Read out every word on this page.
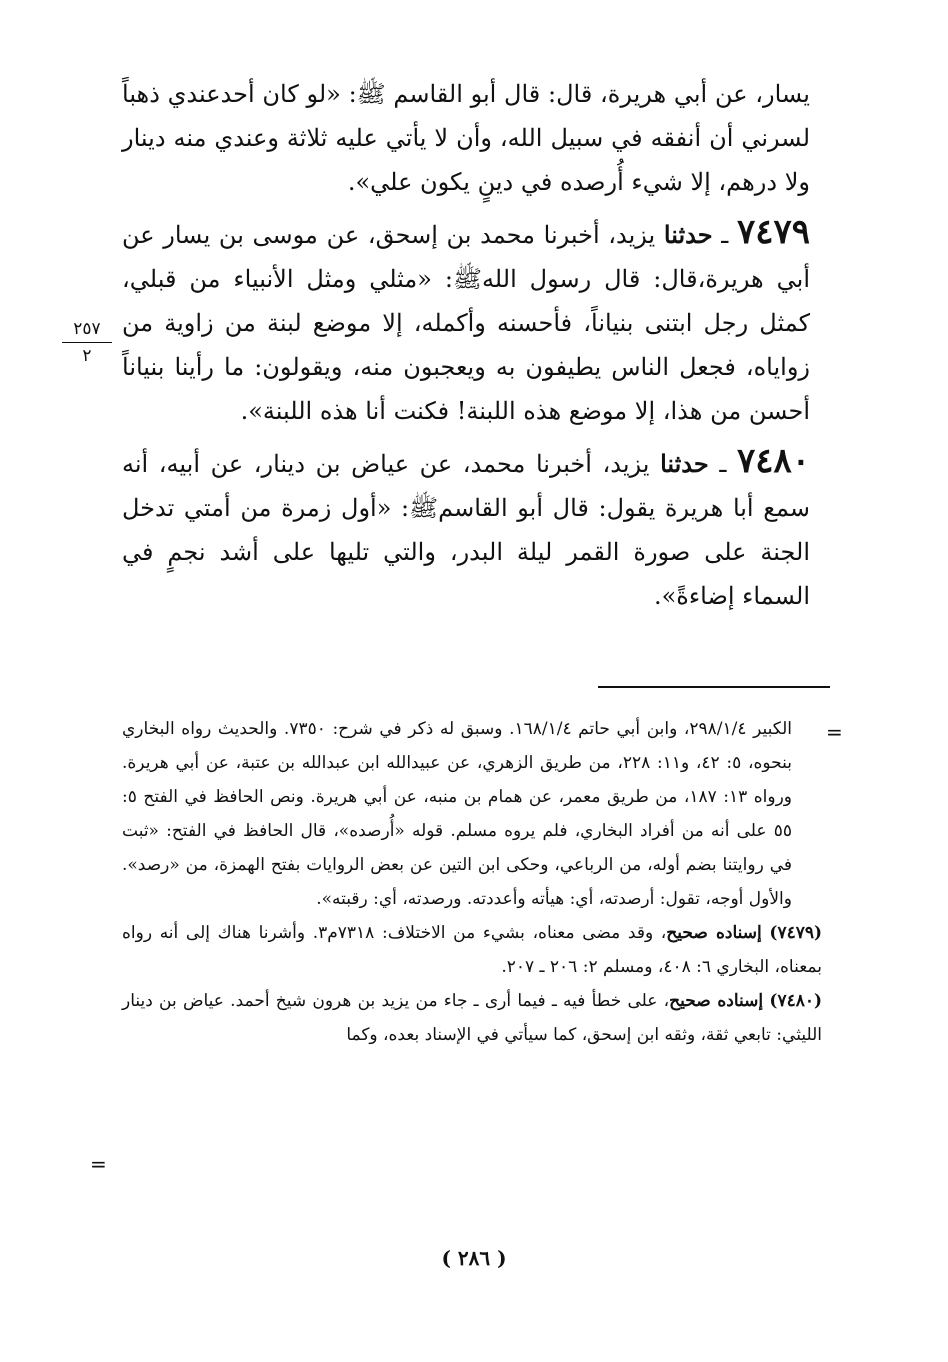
يسار، عن أبي هريرة، قال: قال أبو القاسم ﷺ: «لو كان أحدعندي ذهباً لسرني أن أنفقه في سبيل الله، وأن لا يأتي عليه ثلاثة وعندي منه دينار ولا درهم، إلا شيء أُرصده في دينٍ يكون علي».

٧٤٧٩ ـ حدثنا يزيد، أخبرنا محمد بن إسحق، عن موسى بن يسار عن أبي هريرة،قال: قال رسول اللهﷺ: «مثلي ومثل الأنبياء من قبلي، كمثل رجل ابتنى بنياناً، فأحسنه وأكمله، إلا موضع لبنة من زاوية من زواياه، فجعل الناس يطيفون به ويعجبون منه، ويقولون: ما رأينا بنياناً أحسن من هذا، إلا موضع هذه اللبنة! فكنت أنا هذه اللبنة».

٧٤٨٠ ـ حدثنا يزيد، أخبرنا محمد، عن عياض بن دينار، عن أبيه، أنه سمع أبا هريرة يقول: قال أبو القاسمﷺ: «أول زمرة من أمتي تدخل الجنة على صورة القمر ليلة البدر، والتي تليها على أشد نجمٍ في السماء إضاءةً».

٢٥٧
٢
=

الكبير ٢٩٨/١/٤، وابن أبي حاتم ١٦٨/١/٤. وسبق له ذكر في شرح: ٧٣٥٠. والحديث رواه البخاري بنحوه، ٥: ٤٢، و١١: ٢٢٨، من طريق الزهري، عن عبيدالله ابن عبدالله بن عتبة، عن أبي هريرة. ورواه ١٣: ١٨٧، من طريق معمر، عن همام بن منبه، عن أبي هريرة. ونص الحافظ في الفتح ٥: ٥٥ على أنه من أفراد البخاري، فلم يروه مسلم. قوله «أُرصده»، قال الحافظ في الفتح: «ثبت في روايتنا بضم أوله، من الرباعي، وحكى ابن التين عن بعض الروايات بفتح الهمزة، من «رصد». والأول أوجه، تقول: أرصدته، أي: هيأته وأعددته. ورصدته، أي: رقبته».

(٧٤٧٩) إسناده صحيح، وقد مضى معناه، بشيء من الاختلاف: ٧٣١٨م٣. وأشرنا هناك إلى أنه رواه بمعناه، البخاري ٦: ٤٠٨، ومسلم ٢: ٢٠٦ ـ ٢٠٧.

(٧٤٨٠) إسناده صحيح، على خطأ فيه ـ فيما أرى ـ جاء من يزيد بن هرون شيخ أحمد. عياض بن دينار الليثي: تابعي ثقة، وثقه ابن إسحق، كما سيأتي في الإسناد بعده، وكما

=
( ٢٨٦ )
